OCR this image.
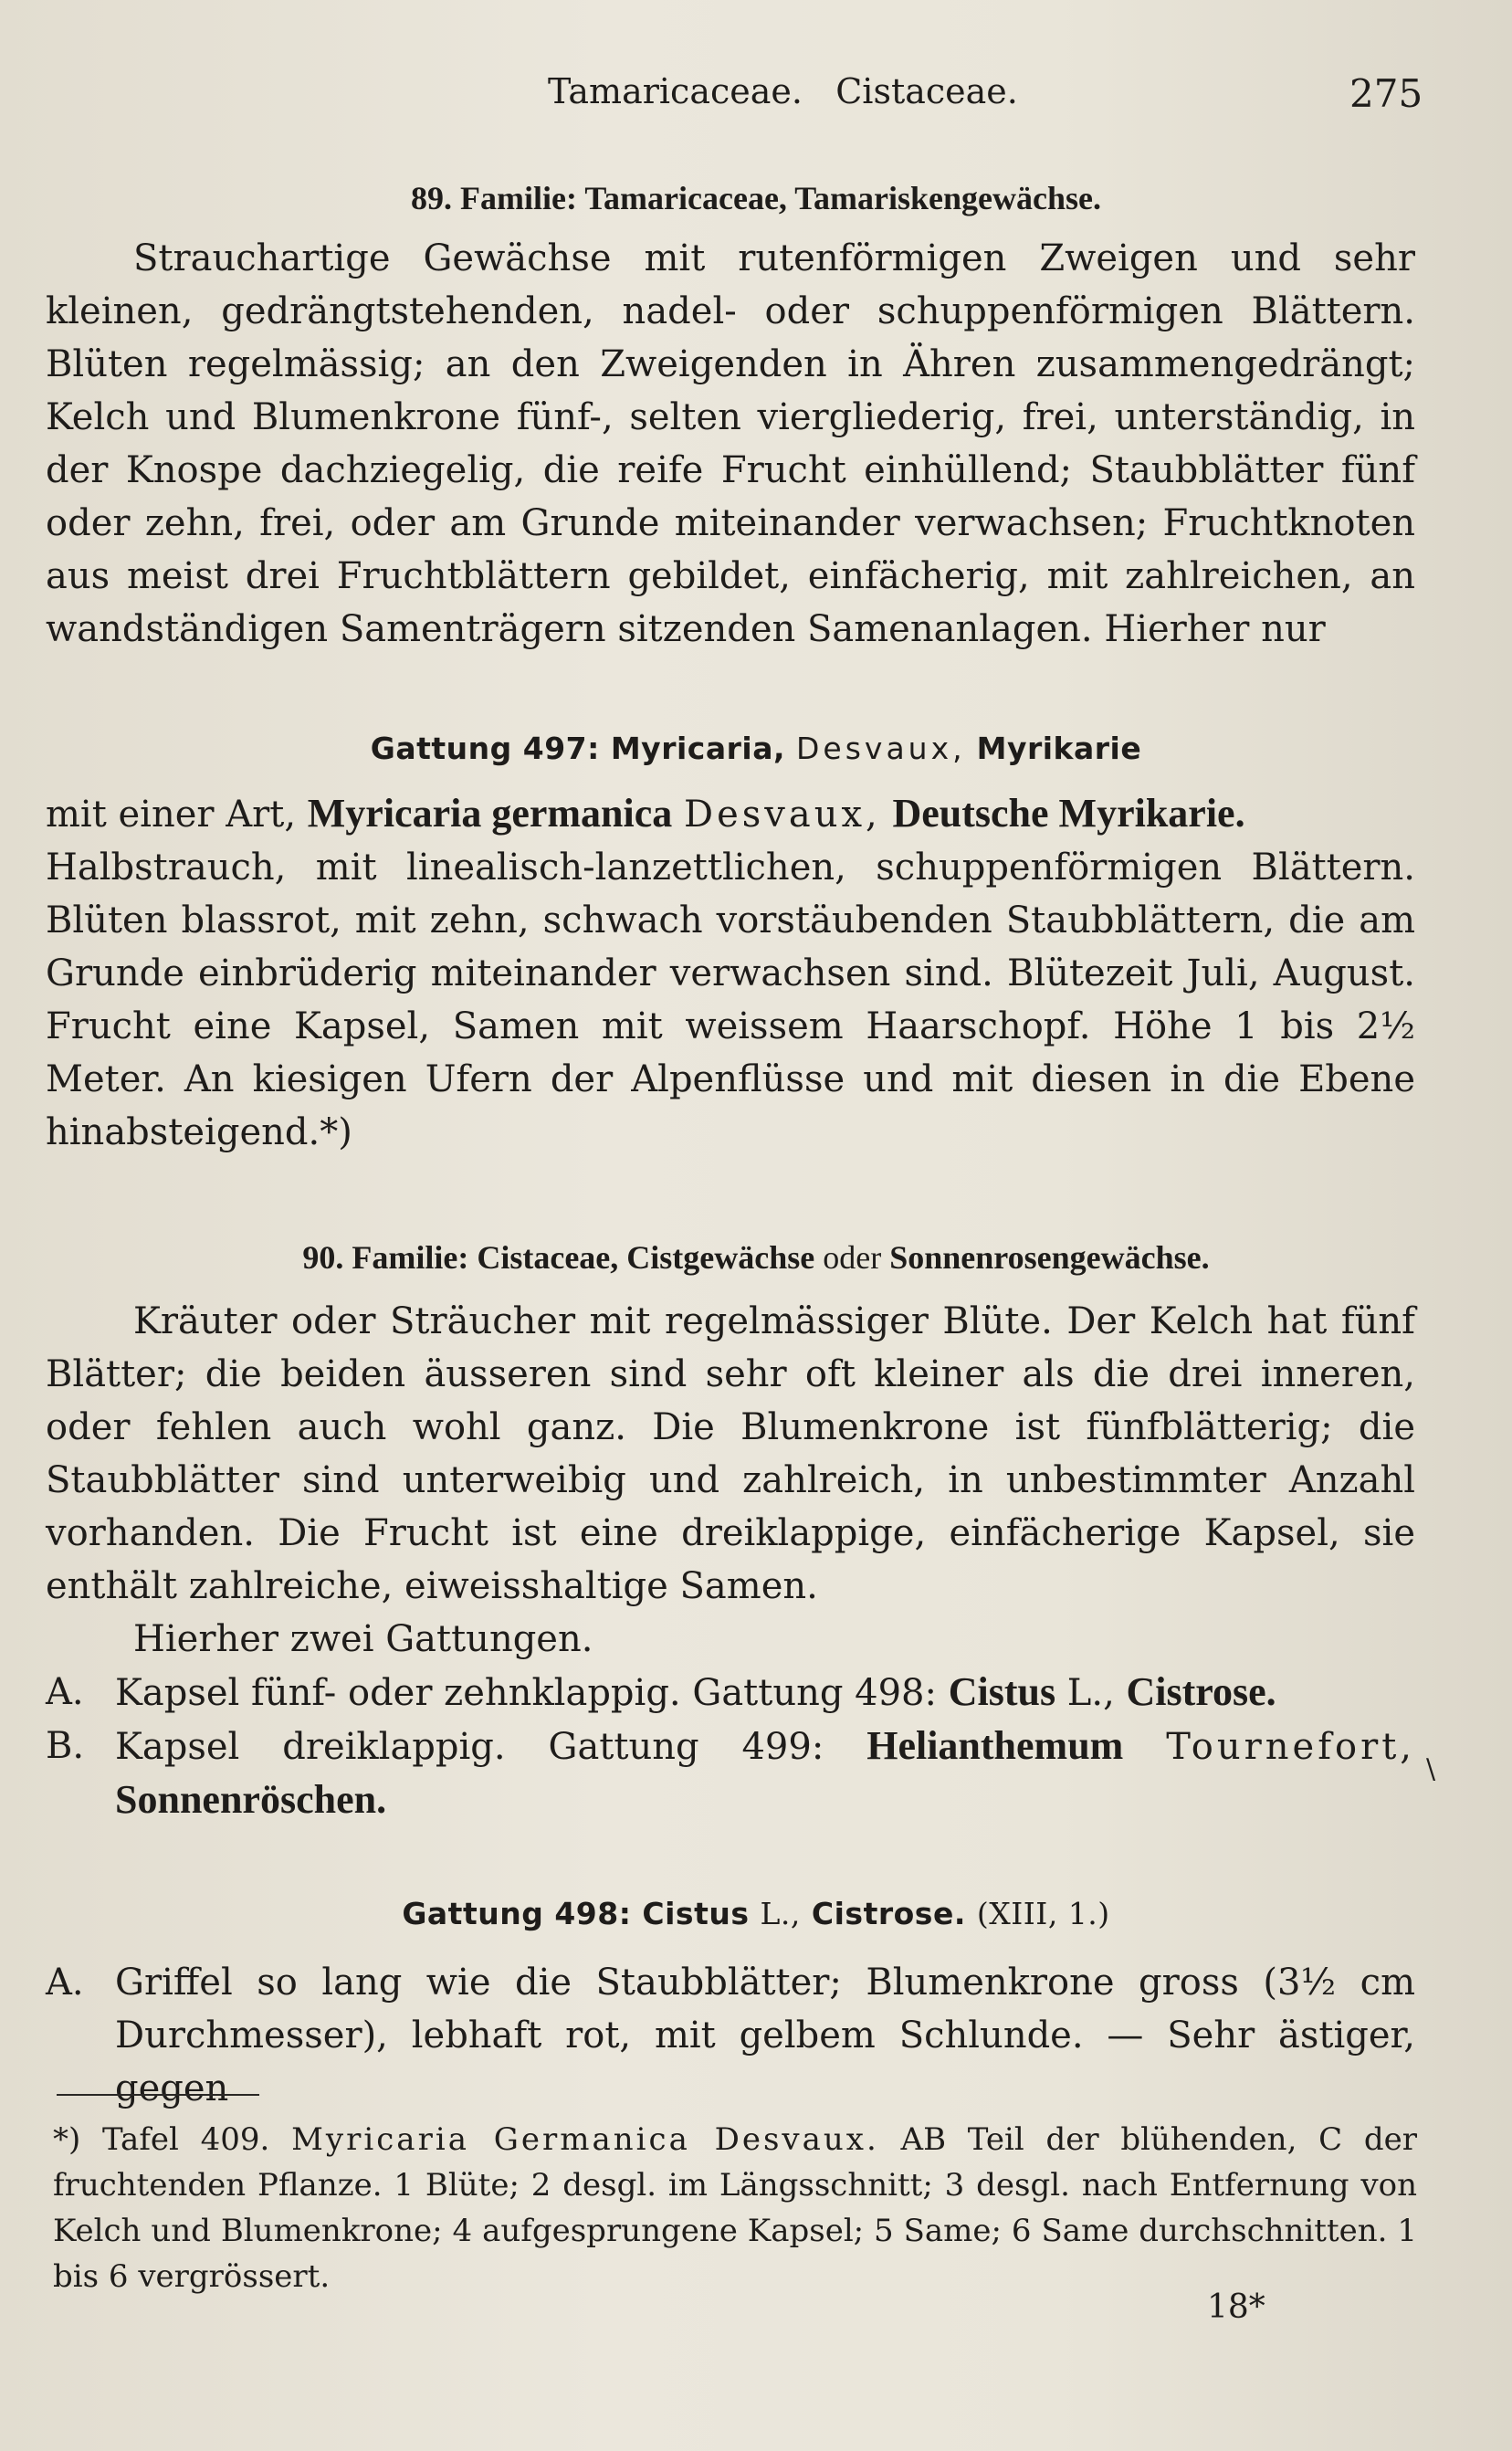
Tamaricaceae.   Cistaceae.	275
89. Familie: Tamaricaceae, Tamariskengewächse.
Strauchartige Gewächse mit rutenförmigen Zweigen und sehr kleinen, gedrängtstehenden, nadel- oder schuppenförmigen Blättern. Blüten regelmässig; an den Zweigenden in Ähren zusammengedrängt; Kelch und Blumenkrone fünf-, selten viergliederig, frei, unterständig, in der Knospe dachziegelig, die reife Frucht einhüllend; Staubblätter fünf oder zehn, frei, oder am Grunde miteinander verwachsen; Fruchtknoten aus meist drei Fruchtblättern gebildet, einfächerig, mit zahlreichen, an wandständigen Samenträgern sitzenden Samenanlagen. Hierher nur
Gattung 497: Myricaria, Desvaux, Myrikarie
mit einer Art, Myricaria germanica Desvaux, Deutsche Myrikarie.
Halbstrauch, mit linealisch-lanzettlichen, schuppenförmigen Blättern. Blüten blassrot, mit zehn, schwach vorstäubenden Staubblättern, die am Grunde einbrüderig miteinander verwachsen sind. Blütezeit Juli, August. Frucht eine Kapsel, Samen mit weissem Haarschopf. Höhe 1 bis 2½ Meter. An kiesigen Ufern der Alpenflüsse und mit diesen in die Ebene hinabsteigend.*)
90. Familie: Cistaceae, Cistgewächse oder Sonnenrosengewächse.
Kräuter oder Sträucher mit regelmässiger Blüte. Der Kelch hat fünf Blätter; die beiden äusseren sind sehr oft kleiner als die drei inneren, oder fehlen auch wohl ganz. Die Blumenkrone ist fünfblätterig; die Staubblätter sind unterweibig und zahlreich, in unbestimmter Anzahl vorhanden. Die Frucht ist eine dreiklappige, einfächerige Kapsel, sie enthält zahlreiche, eiweisshaltige Samen.
Hierher zwei Gattungen.
A. Kapsel fünf- oder zehnklappig. Gattung 498: Cistus L., Cistrose.
B. Kapsel dreiklappig. Gattung 499: Helianthemum Tournefort, Sonnenröschen.
\
Gattung 498: Cistus L., Cistrose. (XIII, 1.)
A. Griffel so lang wie die Staubblätter; Blumenkrone gross (3½ cm Durchmesser), lebhaft rot, mit gelbem Schlunde. — Sehr ästiger, gegen
*) Tafel 409. Myricaria Germanica Desvaux. AB Teil der blühenden, C der fruchtenden Pflanze. 1 Blüte; 2 desgl. im Längsschnitt; 3 desgl. nach Entfernung von Kelch und Blumenkrone; 4 aufgesprungene Kapsel; 5 Same; 6 Same durchschnitten. 1 bis 6 vergrössert.
18*
